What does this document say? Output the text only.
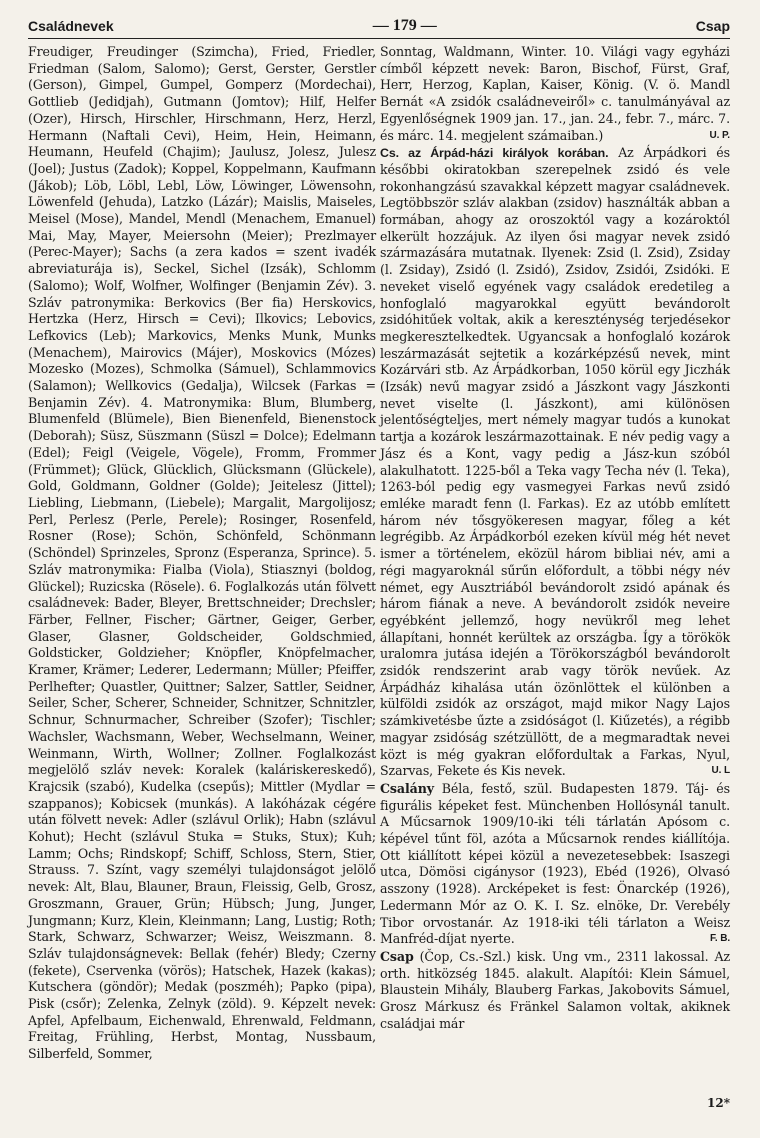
Családnevek	— 179 —	Csap

Freudiger, Freudinger (Szimcha), Fried, Friedler, Friedman (Salom, Salomo); Gerst, Gerster, Gerstler (Gerson), Gimpel, Gumpel, Gomperz (Mordechai), Gottlieb (Jedidjah), Gutmann (Jomtov); Hilf, Helfer (Ozer), Hirsch, Hirschler, Hirschmann, Herz, Herzl, Hermann (Naftali Cevi), Heim, Hein, Heimann, Heumann, Heufeld (Chajim); Jaulusz, Jolesz, Julesz (Joel); Justus (Zadok); Koppel, Koppelmann, Kaufmann (Jákob); Löb, Löbl, Lebl, Löw, Löwinger, Löwensohn, Löwenfeld (Jehuda), Latzko (Lázár); Maislis, Maiseles, Meisel (Mose), Mandel, Mendl (Menachem, Emanuel) Mai, May, Mayer, Meiersohn (Meier); Prezlmayer (Perec-Mayer); Sachs (a zera kados = szent ivadék abreviaturája is), Seckel, Sichel (Izsák), Schlomm (Salomo); Wolf, Wolfner, Wolfinger (Benjamin Zév). 3. Szláv patronymika: Berkovics (Ber fia) Herskovics, Hertzka (Herz, Hirsch = Cevi); Ilkovics; Lebovics, Lefkovics (Leb); Markovics, Menks Munk, Munks (Menachem), Mairovics (Májer), Moskovics (Mózes) Mozesko (Mozes), Schmolka (Sámuel), Schlammovics (Salamon); Wellkovics (Gedalja), Wilcsek (Farkas = Benjamin Zév). 4. Matronymika: Blum, Blumberg, Blumenfeld (Blümele), Bien Bienenfeld, Bienenstock (Deborah); Süsz, Süszmann (Süszl = Dolce); Edelmann (Edel); Feigl (Veigele, Vögele), Fromm, Frommer (Frümmet); Glück, Glücklich, Glücksmann (Glückele), Gold, Goldmann, Goldner (Golde); Jeitelesz (Jittel); Liebling, Liebmann, (Liebele); Margalit, Margolijosz; Perl, Perlesz (Perle, Perele); Rosinger, Rosenfeld, Rosner (Rose); Schön, Schönfeld, Schönmann (Schöndel) Sprinzeles, Spronz (Esperanza, Sprince). 5. Szláv matronymika: Fialba (Viola), Stiasznyi (boldog, Glückel); Ruzicska (Rösele). 6. Foglalkozás után fölvett családnevek: Bader, Bleyer, Brettschneider; Drechsler; Färber, Fellner, Fischer; Gärtner, Geiger, Gerber, Glaser, Glasner, Goldscheider, Goldschmied, Goldsticker, Goldzieher; Knöpfler, Knöpfelmacher, Kramer, Krämer; Lederer, Ledermann; Müller; Pfeiffer, Perlhefter; Quastler, Quittner; Salzer, Sattler, Seidner, Seiler, Scher, Scherer, Schneider, Schnitzer, Schnitzler, Schnur, Schnurmacher, Schreiber (Szofer); Tischler; Wachsler, Wachsmann, Weber, Wechselmann, Weiner, Weinmann, Wirth, Wollner; Zollner. Foglalkozást megjelölő szláv nevek: Koralek (kaláriskereskedő), Krajcsik (szabó), Kudelka (csepűs); Mittler (Mydlar = szappanos); Kobicsek (munkás). A lakóházak cégére után fölvett nevek: Adler (szlávul Orlik); Habn (szlávul Kohut); Hecht (szlávul Stuka = Stuks, Stux); Kuh; Lamm; Ochs; Rindskopf; Schiff, Schloss, Stern, Stier, Strauss. 7. Színt, vagy személyi tulajdonságot jelölő nevek: Alt, Blau, Blauner, Braun, Fleissig, Gelb, Grosz, Groszmann, Grauer, Grün; Hübsch; Jung, Junger, Jungmann; Kurz, Klein, Kleinmann; Lang, Lustig; Roth; Stark, Schwarz, Schwarzer; Weisz, Weiszmann. 8. Szláv tulajdonságnevek: Bellak (fehér) Bledy; Czerny (fekete), Cservenka (vörös); Hatschek, Hazek (kakas); Kutschera (göndör); Medak (poszméh); Papko (pipa), Pisk (csőr); Zelenka, Zelnyk (zöld). 9. Képzelt nevek: Apfel, Apfelbaum, Eichenwald, Ehrenwald, Feldmann, Freitag, Frühling, Herbst, Montag, Nussbaum, Silberfeld, Sommer,

Sonntag, Waldmann, Winter. 10. Világi vagy egyházi címből képzett nevek: Baron, Bischof, Fürst, Graf, Herr, Herzog, Kaplan, Kaiser, König. (V. ö. Mandl Bernát «A zsidók családneveiről» c. tanulmányával az Egyenlőségnek 1909 jan. 17., jan. 24., febr. 7., márc. 7. és márc. 14. megjelent számaiban.)	U. P.

Cs. az Árpád-házi királyok korában. Az Árpádkori és későbbi okiratokban szerepelnek zsidó és vele rokonhangzású szavakkal képzett magyar családnevek. Legtöbbször szláv alakban (zsidov) használták abban a formában, ahogy az oroszoktól vagy a kozároktól elkerült hozzájuk. Az ilyen ősi magyar nevek zsidó származására mutatnak. Ilyenek: Zsid (l. Zsid), Zsiday (l. Zsiday), Zsidó (l. Zsidó), Zsidov, Zsidói, Zsidóki. E neveket viselő egyének vagy családok eredetileg a honfoglaló magyarokkal együtt bevándorolt zsidóhitűek voltak, akik a kereszténység terjedésekor megkeresztelkedtek. Ugyancsak a honfoglaló kozárok leszármazását sejtetik a kozárképzésű nevek, mint Kozárvári stb. Az Árpádkorban, 1050 körül egy Jiczhák (Izsák) nevű magyar zsidó a Jászkont vagy Jászkonti nevet viselte (l. Jászkont), ami különösen jelentőségteljes, mert némely magyar tudós a kunokat tartja a kozárok leszármazottainak. E név pedig vagy a Jász és a Kont, vagy pedig a Jász-kun szóból alakulhatott. 1225-ből a Teka vagy Techa név (l. Teka), 1263-ból pedig egy vasmegyei Farkas nevű zsidó emléke maradt fenn (l. Farkas). Ez az utóbb említett három név tősgyökeresen magyar, főleg a két legrégibb. Az Árpádkorból ezeken kívül még hét nevet ismer a történelem, eközül három bibliai név, ami a régi magyaroknál sűrűn előfordult, a többi négy név német, egy Ausztriából bevándorolt zsidó apának és három fiának a neve. A bevándorolt zsidók neveire egyébként jellemző, hogy nevükről meg lehet állapítani, honnét kerültek az országba. Így a törökök uralomra jutása idején a Törökországból bevándorolt zsidók rendszerint arab vagy török nevűek. Az Árpádház kihalása után özönlöttek el különben a külföldi zsidók az országot, majd mikor Nagy Lajos számkivetésbe űzte a zsidóságot (l. Kiűzetés), a régibb magyar zsidóság szétzüllött, de a megmaradtak nevei közt is még gyakran előfordultak a Farkas, Nyul, Szarvas, Fekete és Kis nevek.	U. L

Csalány Béla, festő, szül. Budapesten 1879. Táj- és figurális képeket fest. Münchenben Hollósynál tanult. A Műcsarnok 1909/10-iki téli tárlatán Apósom c. képével tűnt föl, azóta a Műcsarnok rendes kiállítója. Ott kiállított képei közül a nevezetesebbek: Isaszegi utca, Dömösi cigánysor (1923), Ebéd (1926), Olvasó asszony (1928). Arcképeket is fest: Önarckép (1926), Ledermann Mór az O. K. I. Sz. elnöke, Dr. Verebély Tibor orvostanár. Az 1918-iki téli tárlaton a Weisz Manfréd-díjat nyerte.	F. B.

Csap (Čop, Cs.-Szl.) kisk. Ung vm., 2311 lakossal. Az orth. hitközség 1845. alakult. Alapítói: Klein Sámuel, Blaustein Mihály, Blauberg Farkas, Jakobovits Sámuel, Grosz Márkusz és Fränkel Salamon voltak, akiknek családjai már

12*
